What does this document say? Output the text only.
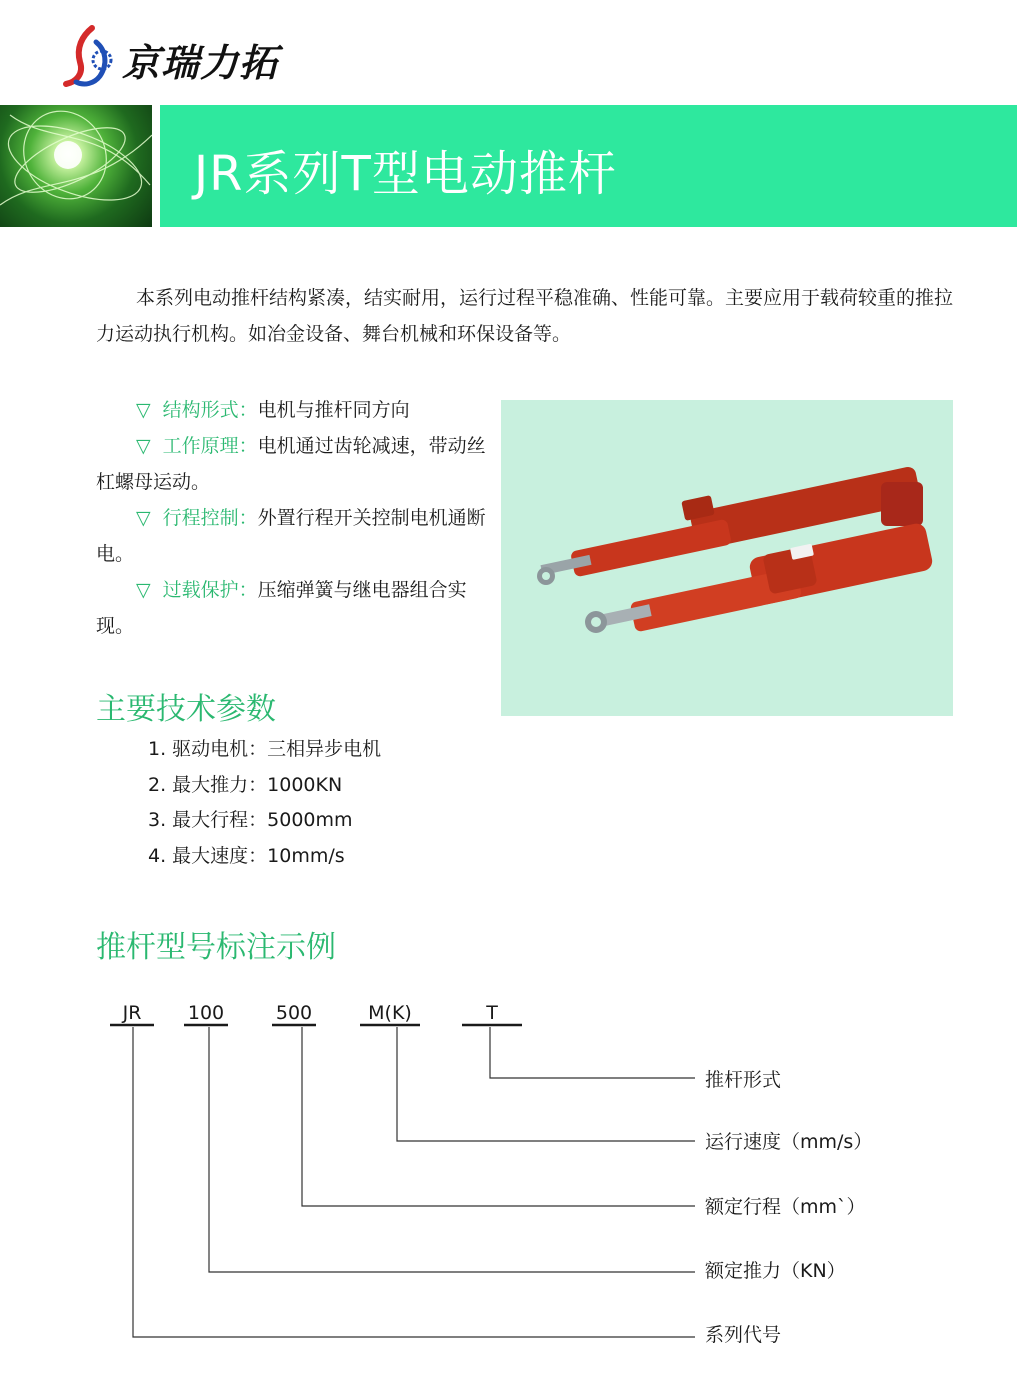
京瑞力拓
JR系列T型电动推杆
本系列电动推杆结构紧凑，结实耐用，运行过程平稳准确、性能可靠。主要应用于载荷较重的推拉力运动执行机构。如冶金设备、舞台机械和环保设备等。
▽ 结构形式：电机与推杆同方向
▽ 工作原理：电机通过齿轮减速，带动丝杠螺母运动。
▽ 行程控制：外置行程开关控制电机通断电。
▽ 过载保护：压缩弹簧与继电器组合实现。
主要技术参数
1. 驱动电机：三相异步电机
2. 最大推力：1000KN
3. 最大行程：5000mm
4. 最大速度：10mm/s
推杆型号标注示例
JR	100	500	M(K)	T
推杆形式
运行速度（mm/s）
额定行程（mm`）
额定推力（KN）
系列代号
